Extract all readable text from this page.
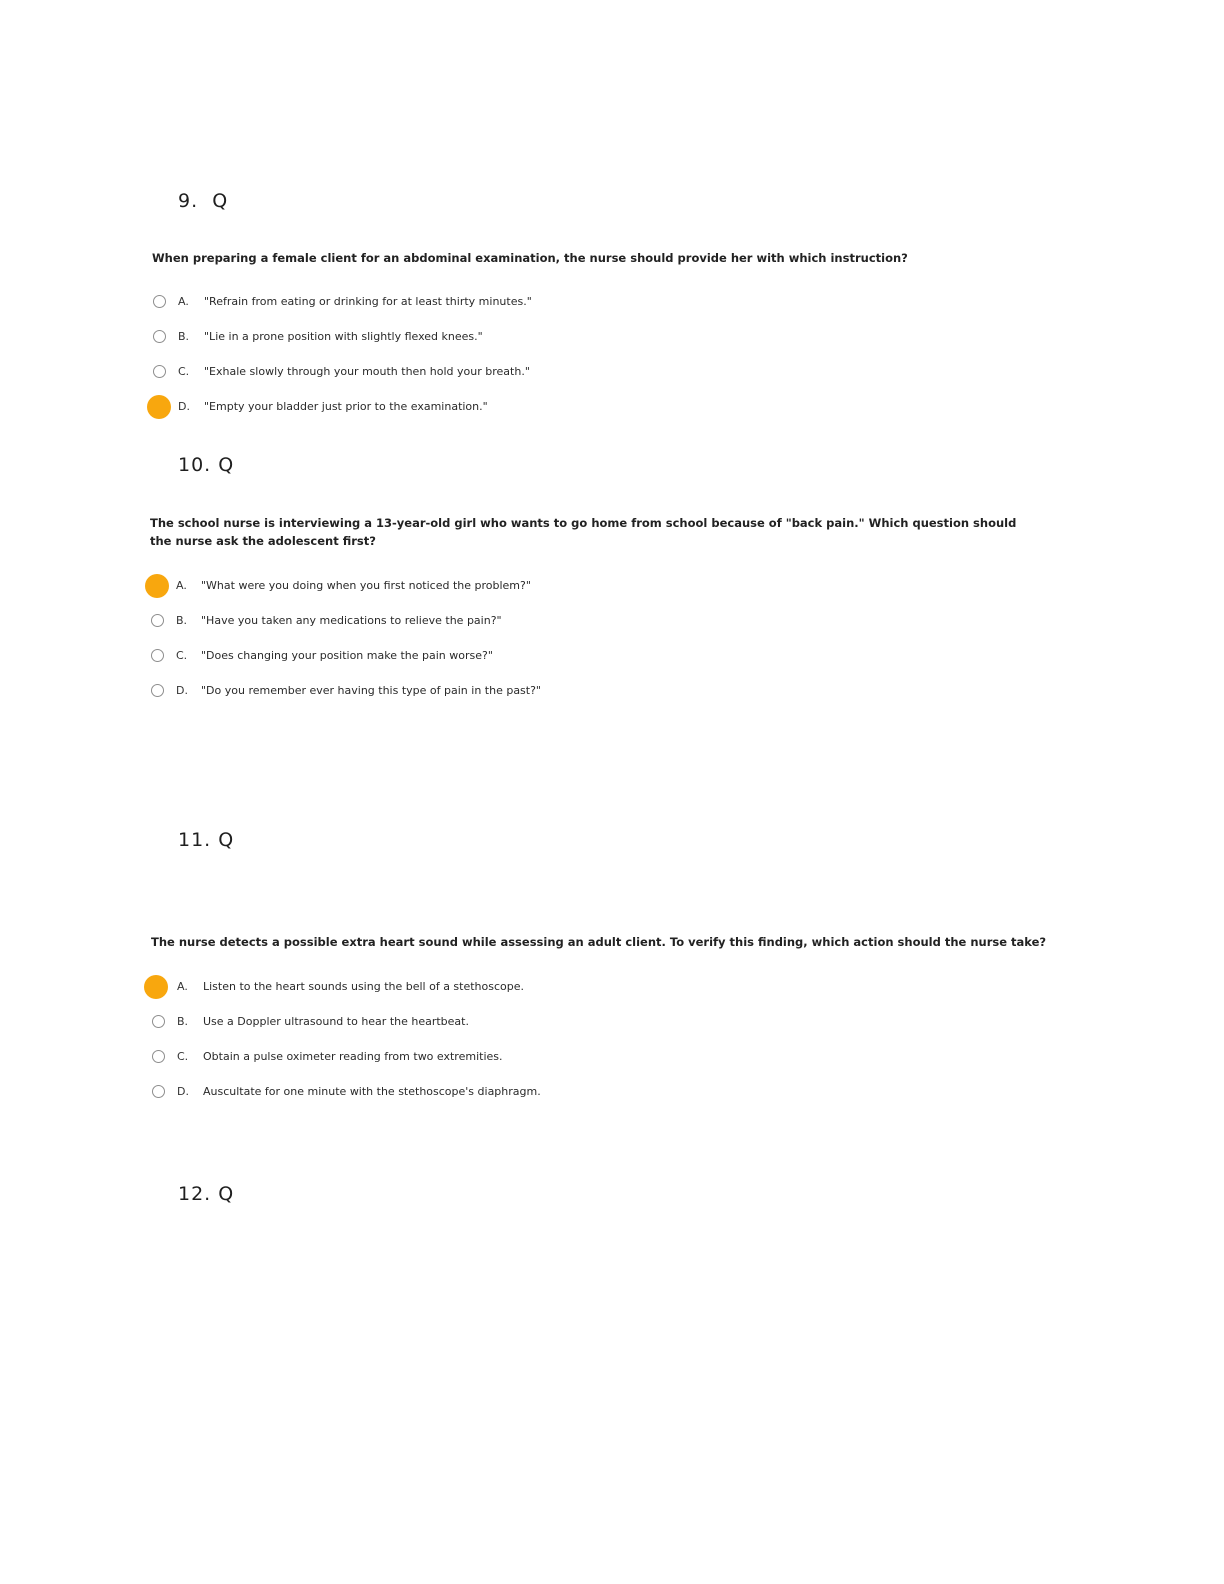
9.  Q

When preparing a female client for an abdominal examination, the nurse should provide her with which instruction?

A. "Refrain from eating or drinking for at least thirty minutes."
B. "Lie in a prone position with slightly flexed knees."
C. "Exhale slowly through your mouth then hold your breath."
D. "Empty your bladder just prior to the examination."
10. Q

The school nurse is interviewing a 13-year-old girl who wants to go home from school because of "back pain." Which question should the nurse ask the adolescent first?

A. "What were you doing when you first noticed the problem?"
B. "Have you taken any medications to relieve the pain?"
C. "Does changing your position make the pain worse?"
D. "Do you remember ever having this type of pain in the past?"
11. Q

The nurse detects a possible extra heart sound while assessing an adult client. To verify this finding, which action should the nurse take?

A. Listen to the heart sounds using the bell of a stethoscope.
B. Use a Doppler ultrasound to hear the heartbeat.
C. Obtain a pulse oximeter reading from two extremities.
D. Auscultate for one minute with the stethoscope's diaphragm.
12. Q
